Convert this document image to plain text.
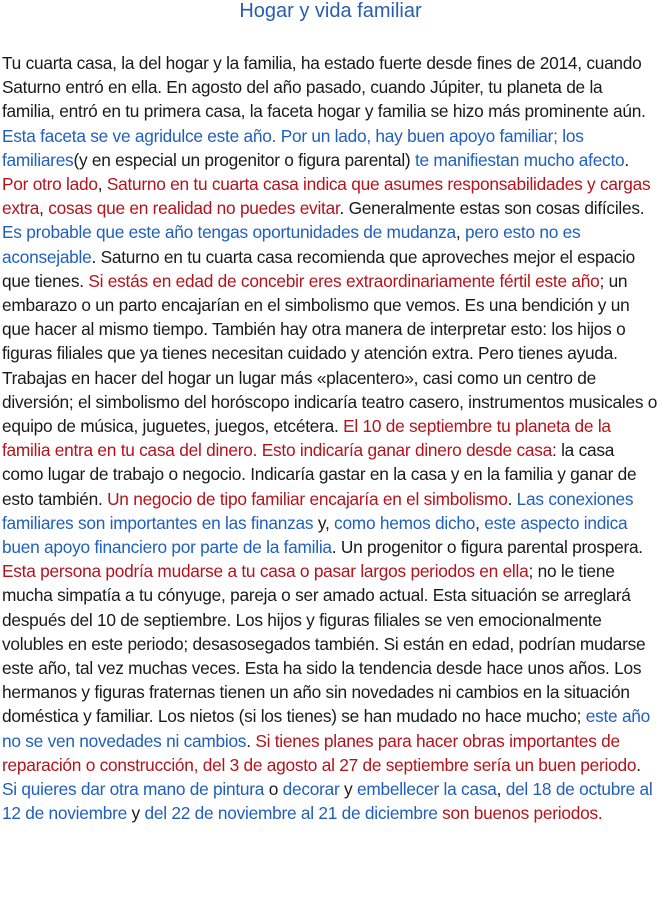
Hogar y vida familiar

Tu cuarta casa, la del hogar y la familia, ha estado fuerte desde fines de 2014, cuando Saturno entró en ella. En agosto del año pasado, cuando Júpiter, tu planeta de la familia, entró en tu primera casa, la faceta hogar y familia se hizo más prominente aún. Esta faceta se ve agridulce este año. Por un lado, hay buen apoyo familiar; los familiares(y en especial un progenitor o figura parental) te manifiestan mucho afecto. Por otro lado, Saturno en tu cuarta casa indica que asumes responsabilidades y cargas extra, cosas que en realidad no puedes evitar. Generalmente estas son cosas difíciles. Es probable que este año tengas oportunidades de mudanza, pero esto no es aconsejable. Saturno en tu cuarta casa recomienda que aproveches mejor el espacio que tienes. Si estás en edad de concebir eres extraordinariamente fértil este año; un embarazo o un parto encajarían en el simbolismo que vemos. Es una bendición y un que hacer al mismo tiempo. También hay otra manera de interpretar esto: los hijos o figuras filiales que ya tienes necesitan cuidado y atención extra. Pero tienes ayuda. Trabajas en hacer del hogar un lugar más «placentero», casi como un centro de diversión; el simbolismo del horóscopo indicaría teatro casero, instrumentos musicales o equipo de música, juguetes, juegos, etcétera. El 10 de septiembre tu planeta de la familia entra en tu casa del dinero. Esto indicaría ganar dinero desde casa: la casa como lugar de trabajo o negocio. Indicaría gastar en la casa y en la familia y ganar de esto también. Un negocio de tipo familiar encajaría en el simbolismo. Las conexiones familiares son importantes en las finanzas y, como hemos dicho, este aspecto indica buen apoyo financiero por parte de la familia. Un progenitor o figura parental prospera. Esta persona podría mudarse a tu casa o pasar largos periodos en ella; no le tiene mucha simpatía a tu cónyuge, pareja o ser amado actual. Esta situación se arreglará después del 10 de septiembre. Los hijos y figuras filiales se ven emocionalmente volubles en este periodo; desasosegados también. Si están en edad, podrían mudarse este año, tal vez muchas veces. Esta ha sido la tendencia desde hace unos años. Los hermanos y figuras fraternas tienen un año sin novedades ni cambios en la situación doméstica y familiar. Los nietos (si los tienes) se han mudado no hace mucho; este año no se ven novedades ni cambios. Si tienes planes para hacer obras importantes de reparación o construcción, del 3 de agosto al 27 de septiembre sería un buen periodo. Si quieres dar otra mano de pintura o decorar y embellecer la casa, del 18 de octubre al 12 de noviembre y del 22 de noviembre al 21 de diciembre son buenos periodos.
